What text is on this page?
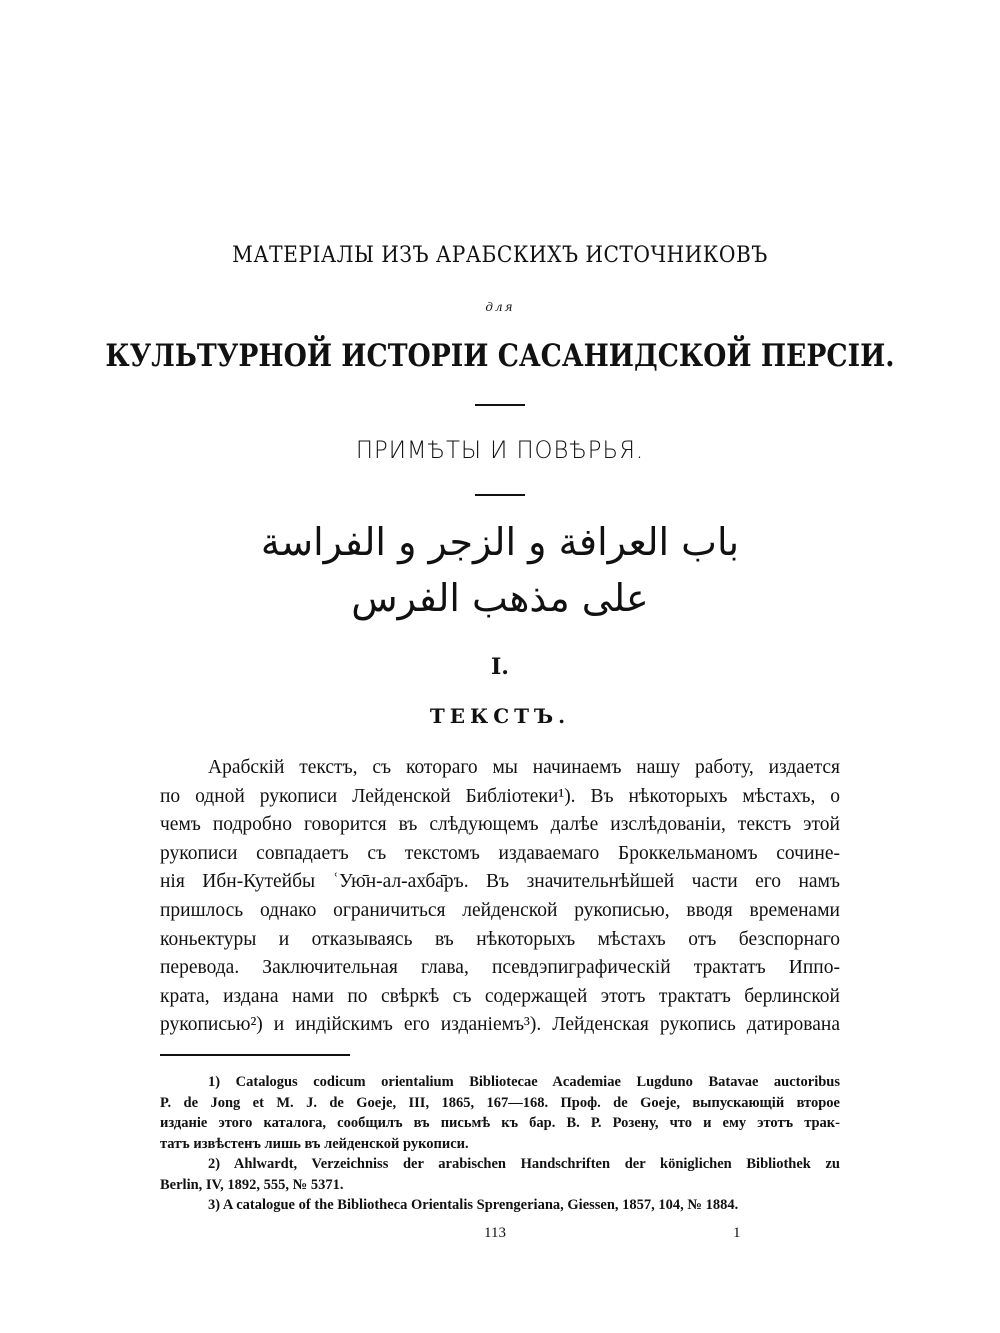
МАТЕРІАЛЫ ИЗЪ АРАБСКИХЪ ИСТОЧНИКОВЪ
для
КУЛЬТУРНОЙ ИСТОРІИ САСАНИДСКОЙ ПЕРСІИ.
ПРИМѢТЫ И ПОВѢРЬЯ.
باب العرافة و الزجر و الفراسة
على مذهب الفرس
I.
ТЕКСТЪ.
Арабскій текстъ, съ котораго мы начинаемъ нашу работу, издается
по одной рукописи Лейденской Библіотеки¹). Въ нѣкоторыхъ мѣстахъ, о
чемъ подробно говорится въ слѣдующемъ далѣе изслѣдованіи, текстъ этой
рукописи совпадаетъ съ текстомъ издаваемаго Броккельманомъ сочине-
нія Ибн-Кутейбы ʿУю̄н-ал-ахба̄ръ. Въ значительнѣйшей части его намъ
пришлось однако ограничиться лейденской рукописью, вводя временами
коньектуры и отказываясь въ нѣкоторыхъ мѣстахъ отъ безспорнаго
перевода. Заключительная глава, псевдэпиграфическій трактатъ Иппо-
крата, издана нами по свѣркѣ съ содержащей этотъ трактатъ берлинской
рукописью²) и индійскимъ его изданіемъ³). Лейденская рукопись датирована
1) Catalogus codicum orientalium Bibliotecae Academiae Lugduno Batavae auctoribus
P. de Jong et M. J. de Goeje, III, 1865, 167—168. Проф. de Goeje, выпускающій второе
изданіе этого каталога, сообщилъ въ письмѣ къ бар. В. Р. Розену, что и ему этотъ трак-
татъ извѣстенъ лишь въ лейденской рукописи.
2) Ahlwardt, Verzeichniss der arabischen Handschriften der königlichen Bibliothek zu
Berlin, IV, 1892, 555, № 5371.
3) A catalogue of the Bibliotheca Orientalis Sprengeriana, Giessen, 1857, 104, № 1884.
113	1
